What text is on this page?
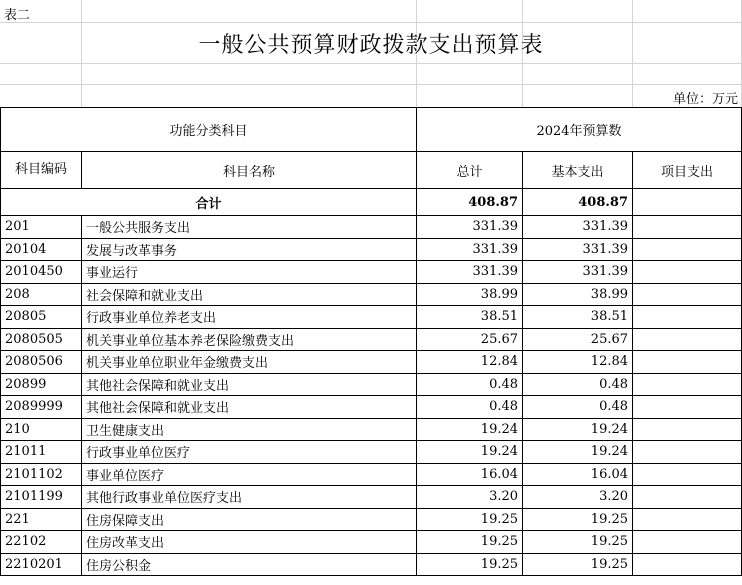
表二
一般公共预算财政拨款支出预算表
单位：万元
功能分类科目		2024年预算数		
科目编码	科目名称	总计	基本支出	项目支出
合计		408.87	408.87	
201	一般公共服务支出	331.39	331.39	
20104	发展与改革事务	331.39	331.39	
2010450	事业运行	331.39	331.39	
208	社会保障和就业支出	38.99	38.99	
20805	行政事业单位养老支出	38.51	38.51	
2080505	机关事业单位基本养老保险缴费支出	25.67	25.67	
2080506	机关事业单位职业年金缴费支出	12.84	12.84	
20899	其他社会保障和就业支出	0.48	0.48	
2089999	其他社会保障和就业支出	0.48	0.48	
210	卫生健康支出	19.24	19.24	
21011	行政事业单位医疗	19.24	19.24	
2101102	事业单位医疗	16.04	16.04	
2101199	其他行政事业单位医疗支出	3.20	3.20	
221	住房保障支出	19.25	19.25	
22102	住房改革支出	19.25	19.25	
2210201	住房公积金	19.25	19.25	
